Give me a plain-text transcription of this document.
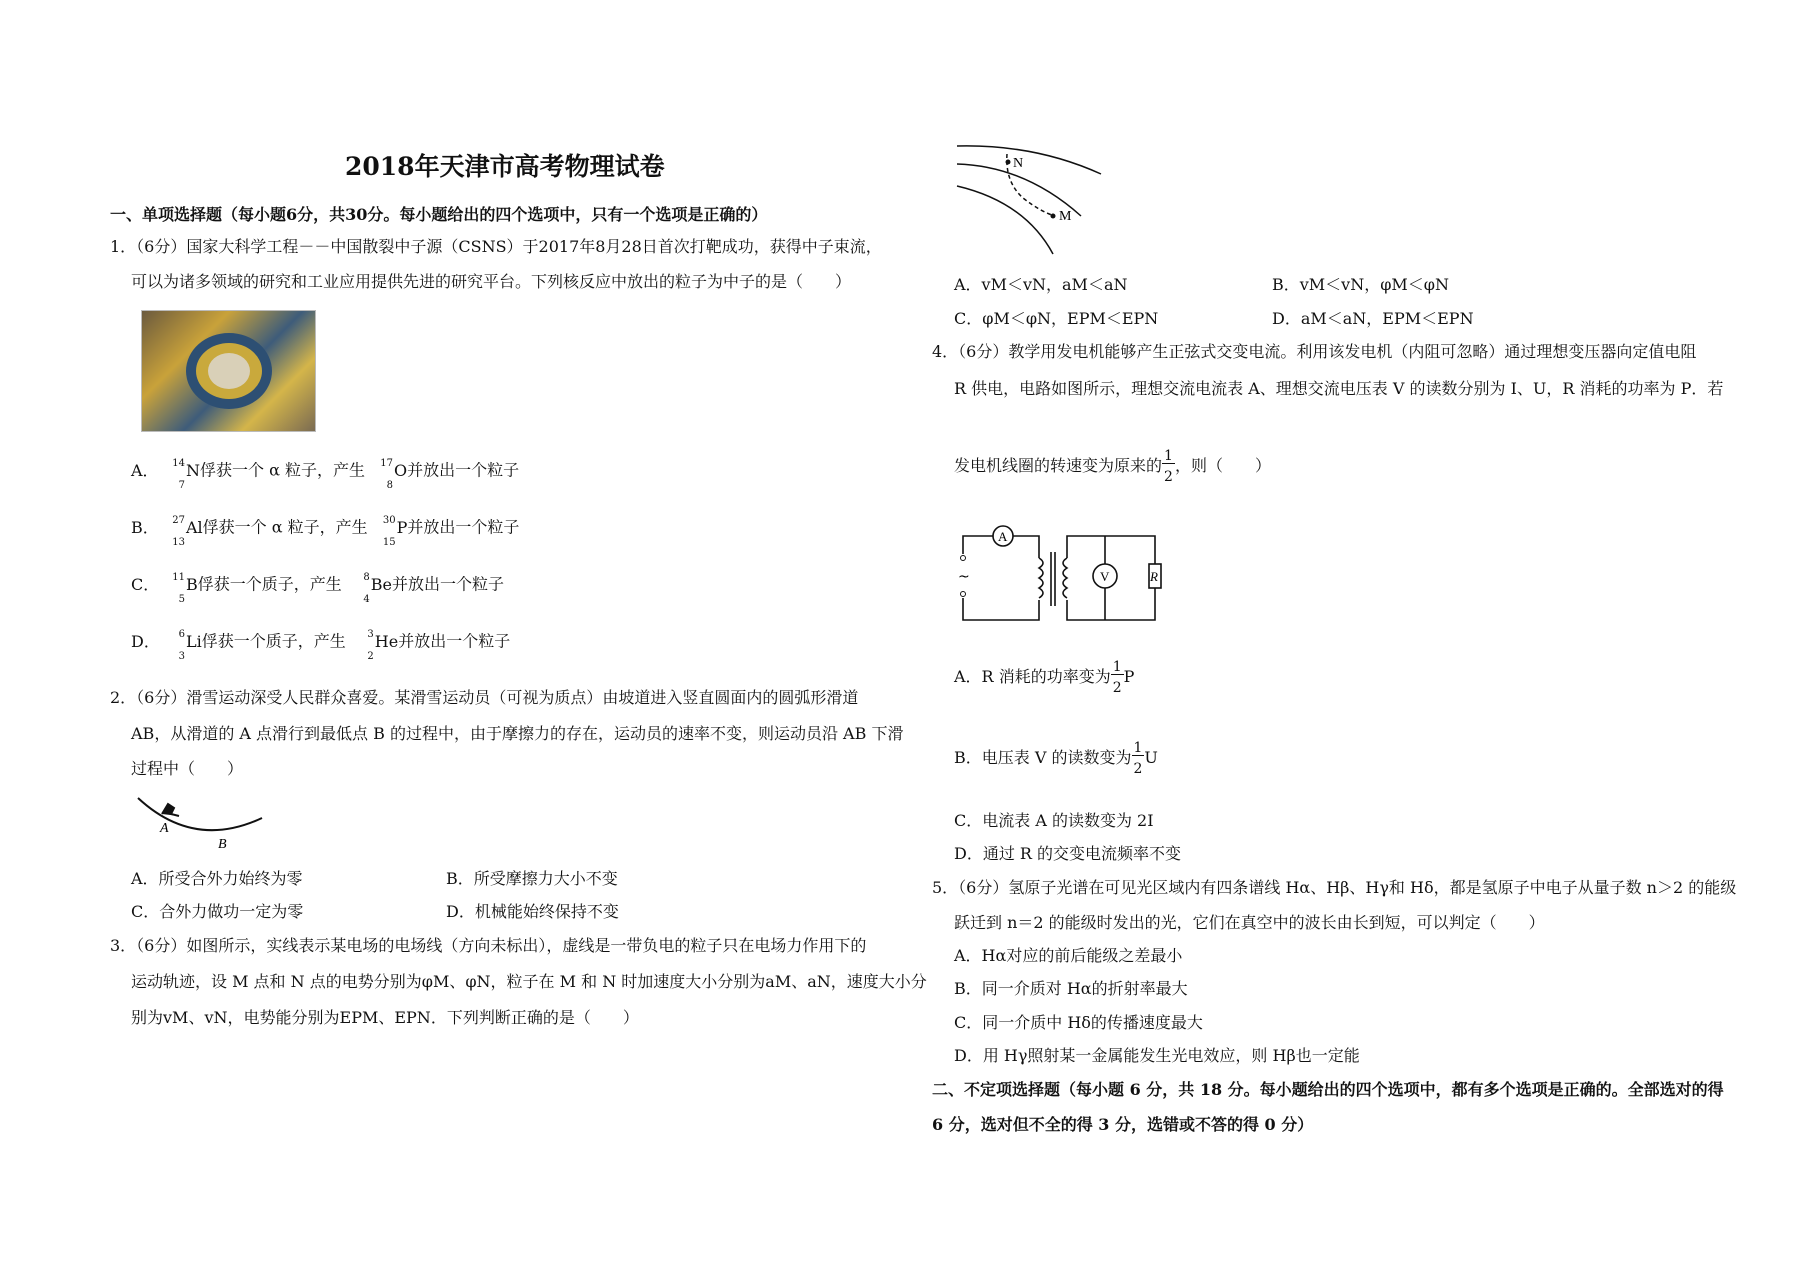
2018年天津市高考物理试卷
一、单项选择题（每小题6分，共30分。每小题给出的四个选项中，只有一个选项是正确的）
1．（6分）国家大科学工程－－中国散裂中子源（CSNS）于2017年8月28日首次打靶成功，获得中子束流，
可以为诸多领域的研究和工业应用提供先进的研究平台。下列核反应中放出的粒子为中子的是（　　）
A． 14
7
N俘获一个 α 粒子，产生 17
8
O并放出一个粒子
B． 27
13
Al俘获一个 α 粒子，产生 30
15
P并放出一个粒子
C． 11
5
B俘获一个质子，产生 8
4
Be并放出一个粒子
D． 6
3
Li俘获一个质子，产生 3
2
He并放出一个粒子
2．（6分）滑雪运动深受人民群众喜爱。某滑雪运动员（可视为质点）由坡道进入竖直圆面内的圆弧形滑道
AB，从滑道的 A 点滑行到最低点 B 的过程中，由于摩擦力的存在，运动员的速率不变，则运动员沿 AB 下滑
过程中（　　）
A
B
A．所受合外力始终为零	B．所受摩擦力大小不变
C．合外力做功一定为零	D．机械能始终保持不变
3．（6分）如图所示，实线表示某电场的电场线（方向未标出），虚线是一带负电的粒子只在电场力作用下的
运动轨迹，设 M 点和 N 点的电势分别为φM、φN，粒子在 M 和 N 时加速度大小分别为aM、aN，速度大小分
别为vM、vN，电势能分别为EPM、EPN．下列判断正确的是（　　）
N
M
A．vM＜vN，aM＜aN	B．vM＜vN，φM＜φN
C．φM＜φN，EPM＜EPN	D．aM＜aN，EPM＜EPN
4．（6分）教学用发电机能够产生正弦式交变电流。利用该发电机（内阻可忽略）通过理想变压器向定值电阻
R 供电，电路如图所示，理想交流电流表 A、理想交流电压表 V 的读数分别为 I、U，R 消耗的功率为 P．若
发电机线圈的转速变为原来的 $\frac{1}{2}$ ，则（　　）
~
A
V	R
A．R 消耗的功率变为 $\frac{1}{2}$ P
B．电压表 V 的读数变为 $\frac{1}{2}$ U
C．电流表 A 的读数变为 2I
D．通过 R 的交变电流频率不变
5．（6分）氢原子光谱在可见光区域内有四条谱线 Hα、Hβ、Hγ和 Hδ，都是氢原子中电子从量子数 n＞2 的能级
跃迁到 n＝2 的能级时发出的光，它们在真空中的波长由长到短，可以判定（　　）
A．Hα对应的前后能级之差最小
B．同一介质对 Hα的折射率最大
C．同一介质中 Hδ的传播速度最大
D．用 Hγ照射某一金属能发生光电效应，则 Hβ也一定能
二、不定项选择题（每小题 6 分，共 18 分。每小题给出的四个选项中，都有多个选项是正确的。全部选对的得
6 分，选对但不全的得 3 分，选错或不答的得 0 分）
